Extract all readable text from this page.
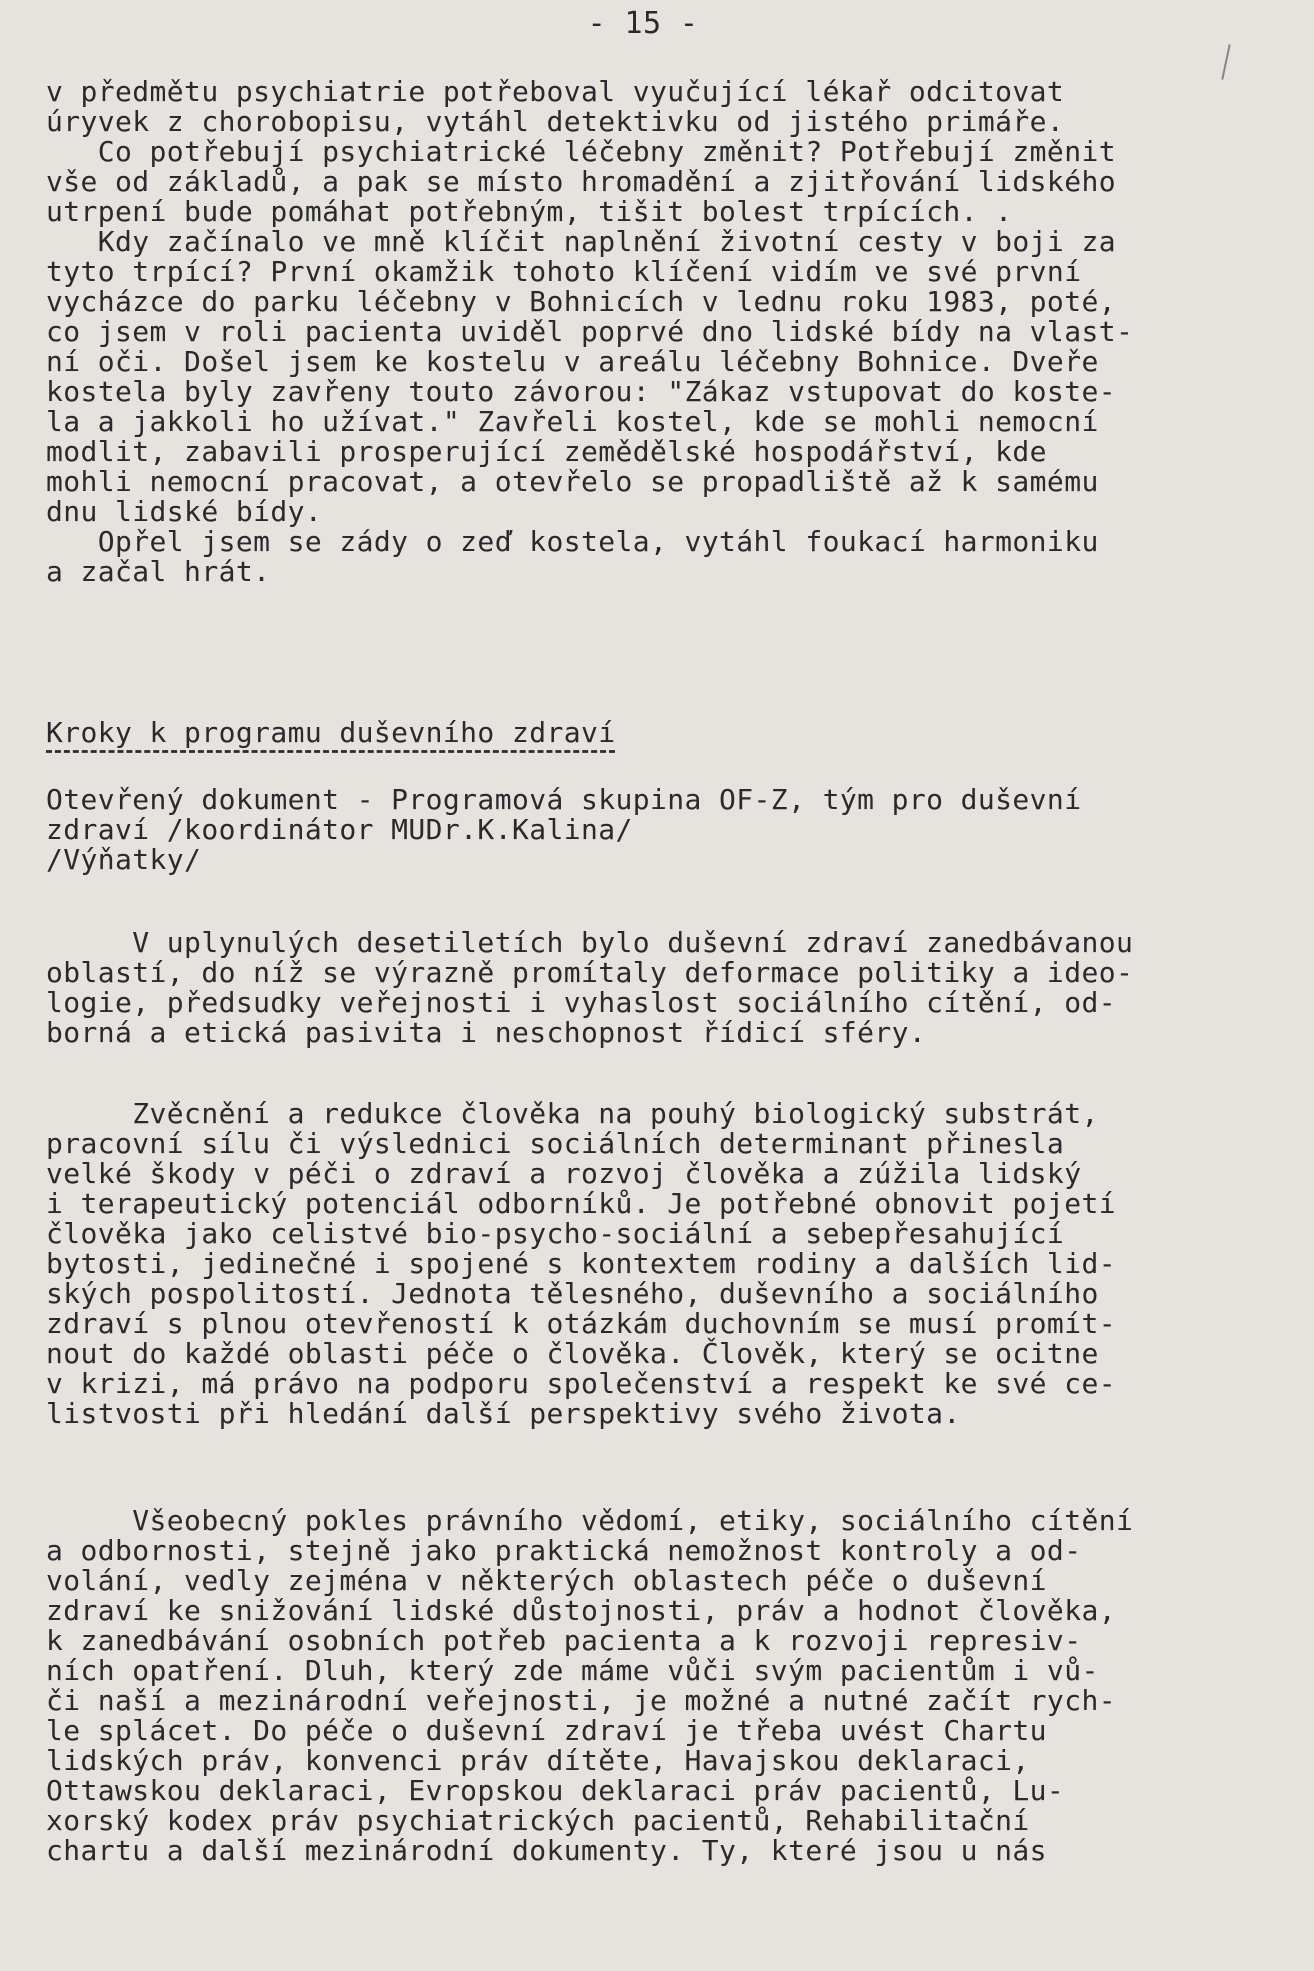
- 15 -
v předmětu psychiatrie potřeboval vyučující lékař odcitovat
úryvek z chorobopisu, vytáhl detektivku od jistého primáře.
Co potřebují psychiatrické léčebny změnit? Potřebují změnit
vše od základů, a pak se místo hromadění a zjitřování lidského
utrpení bude pomáhat potřebným, tišit bolest trpících. .
Kdy začínalo ve mně klíčit naplnění životní cesty v boji za
tyto trpící? První okamžik tohoto klíčení vidím ve své první
vycházce do parku léčebny v Bohnicích v lednu roku 1983, poté,
co jsem v roli pacienta uviděl poprvé dno lidské bídy na vlast-
ní oči. Došel jsem ke kostelu v areálu léčebny Bohnice. Dveře
kostela byly zavřeny touto závorou: "Zákaz vstupovat do koste-
la a jakkoli ho užívat." Zavřeli kostel, kde se mohli nemocní
modlit, zabavili prosperující zemědělské hospodářství, kde
mohli nemocní pracovat, a otevřelo se propadliště až k samému
dnu lidské bídy.
Opřel jsem se zády o zeď kostela, vytáhl foukací harmoniku
a začal hrát.
Kroky k programu duševního zdraví
Otevřený dokument - Programová skupina OF-Z, tým pro duševní
zdraví /koordinátor MUDr.K.Kalina/
/Výňatky/
V uplynulých desetiletích bylo duševní zdraví zanedbávanou
oblastí, do níž se výrazně promítaly deformace politiky a ideo-
logie, předsudky veřejnosti i vyhaslost sociálního cítění, od-
borná a etická pasivita i neschopnost řídicí sféry.
Zvěcnění a redukce člověka na pouhý biologický substrát,
pracovní sílu či výslednici sociálních determinant přinesla
velké škody v péči o zdraví a rozvoj člověka a zúžila lidský
i terapeutický potenciál odborníků. Je potřebné obnovit pojetí
člověka jako celistvé bio-psycho-sociální a sebepřesahující
bytosti, jedinečné i spojené s kontextem rodiny a dalších lid-
ských pospolitostí. Jednota tělesného, duševního a sociálního
zdraví s plnou otevřeností k otázkám duchovním se musí promít-
nout do každé oblasti péče o člověka. Člověk, který se ocitne
v krizi, má právo na podporu společenství a respekt ke své ce-
listvosti při hledání další perspektivy svého života.
Všeobecný pokles právního vědomí, etiky, sociálního cítění
a odbornosti, stejně jako praktická nemožnost kontroly a od-
volání, vedly zejména v některých oblastech péče o duševní
zdraví ke snižování lidské důstojnosti, práv a hodnot člověka,
k zanedbávání osobních potřeb pacienta a k rozvoji represiv-
ních opatření. Dluh, který zde máme vůči svým pacientům i vů-
či naší a mezinárodní veřejnosti, je možné a nutné začít rych-
le splácet. Do péče o duševní zdraví je třeba uvést Chartu
lidských práv, konvenci práv dítěte, Havajskou deklaraci,
Ottawskou deklaraci, Evropskou deklaraci práv pacientů, Lu-
xorský kodex práv psychiatrických pacientů, Rehabilitační
chartu a další mezinárodní dokumenty. Ty, které jsou u nás
